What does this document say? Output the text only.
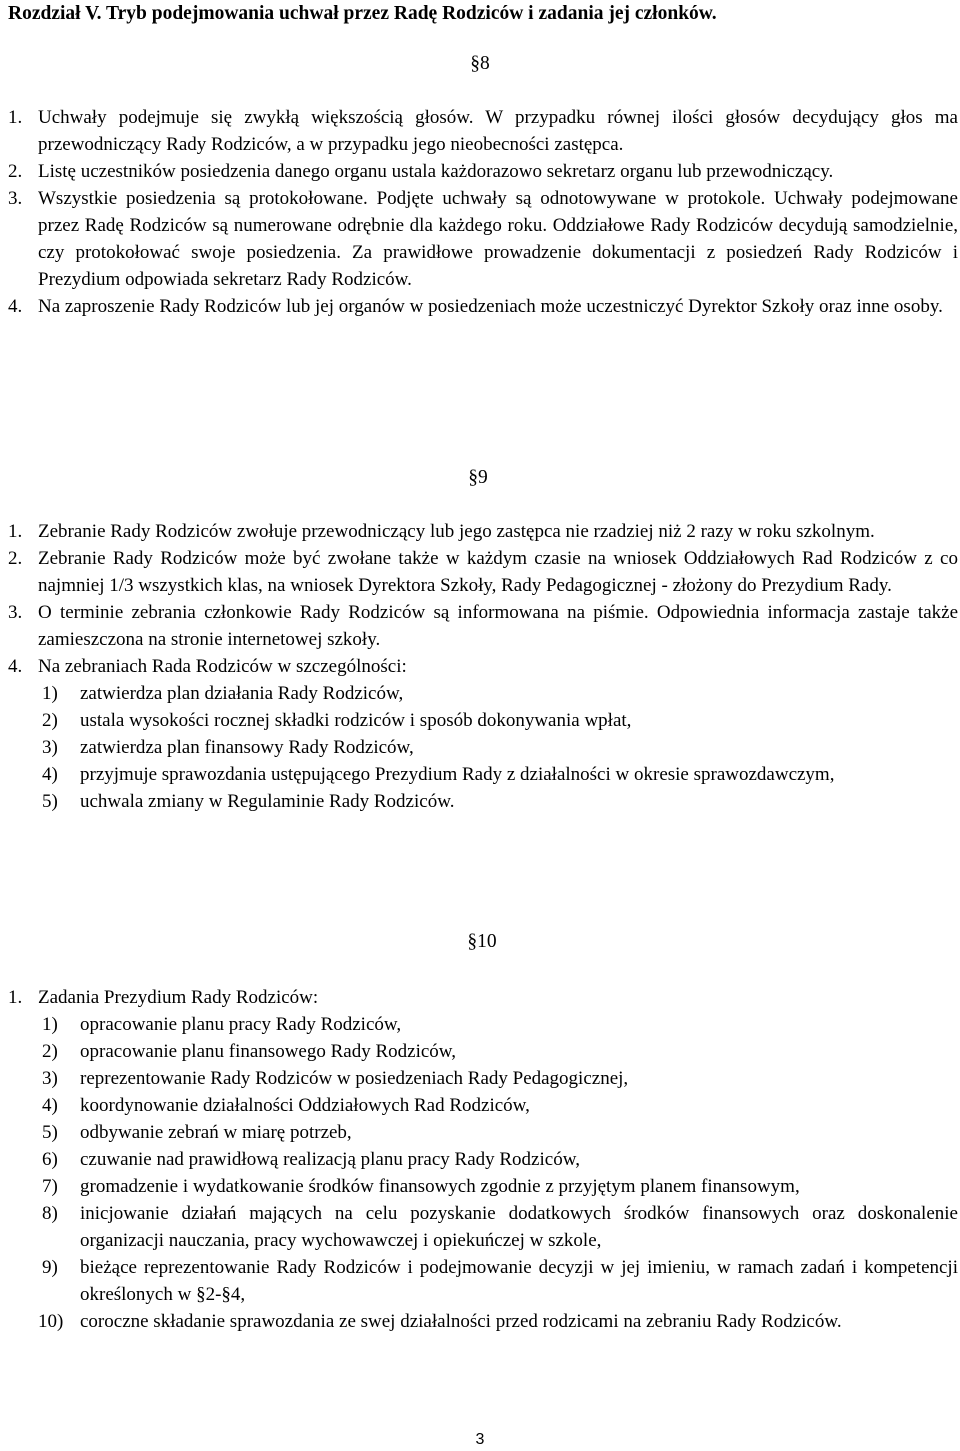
Rozdział V. Tryb podejmowania uchwał przez Radę Rodziców i zadania jej członków.
§8
1. Uchwały podejmuje się zwykłą większością głosów. W przypadku równej ilości głosów decydujący głos ma przewodniczący Rady Rodziców, a w przypadku jego nieobecności zastępca.
2. Listę uczestników posiedzenia danego organu ustala każdorazowo sekretarz organu lub przewodniczący.
3. Wszystkie posiedzenia są protokołowane. Podjęte uchwały są odnotowywane w protokole. Uchwały podejmowane przez Radę Rodziców są numerowane odrębnie dla każdego roku. Oddziałowe Rady Rodziców decydują samodzielnie, czy protokołować swoje posiedzenia. Za prawidłowe prowadzenie dokumentacji z posiedzeń Rady Rodziców i Prezydium odpowiada sekretarz Rady Rodziców.
4. Na zaproszenie Rady Rodziców lub jej organów w posiedzeniach może uczestniczyć Dyrektor Szkoły oraz inne osoby.
§9
1. Zebranie Rady Rodziców zwołuje przewodniczący lub jego zastępca nie rzadziej niż 2 razy w roku szkolnym.
2. Zebranie Rady Rodziców może być zwołane także w każdym czasie na wniosek Oddziałowych Rad Rodziców z co najmniej 1/3 wszystkich klas, na wniosek Dyrektora Szkoły, Rady Pedagogicznej - złożony do Prezydium Rady.
3. O terminie zebrania członkowie Rady Rodziców są informowana na piśmie. Odpowiednia informacja zastaje także zamieszczona na stronie internetowej szkoły.
4. Na zebraniach Rada Rodziców w szczególności:
1) zatwierdza plan działania Rady Rodziców,
2) ustala wysokości rocznej składki rodziców i sposób dokonywania wpłat,
3) zatwierdza plan finansowy Rady Rodziców,
4) przyjmuje sprawozdania ustępującego Prezydium Rady z działalności w okresie sprawozdawczym,
5) uchwala zmiany w Regulaminie Rady Rodziców.
§10
1. Zadania Prezydium Rady Rodziców:
1) opracowanie planu pracy Rady Rodziców,
2) opracowanie planu finansowego Rady Rodziców,
3) reprezentowanie Rady Rodziców w posiedzeniach Rady Pedagogicznej,
4) koordynowanie działalności Oddziałowych Rad Rodziców,
5) odbywanie zebrań w miarę potrzeb,
6) czuwanie nad prawidłową realizacją planu pracy Rady Rodziców,
7) gromadzenie i wydatkowanie środków finansowych zgodnie z przyjętym planem finansowym,
8) inicjowanie działań mających na celu pozyskanie dodatkowych środków finansowych oraz doskonalenie organizacji nauczania, pracy wychowawczej i opiekuńczej w szkole,
9) bieżące reprezentowanie Rady Rodziców i podejmowanie decyzji w jej imieniu, w ramach zadań i kompetencji określonych w §2-§4,
10) coroczne składanie sprawozdania ze swej działalności przed rodzicami na zebraniu Rady Rodziców.
3
